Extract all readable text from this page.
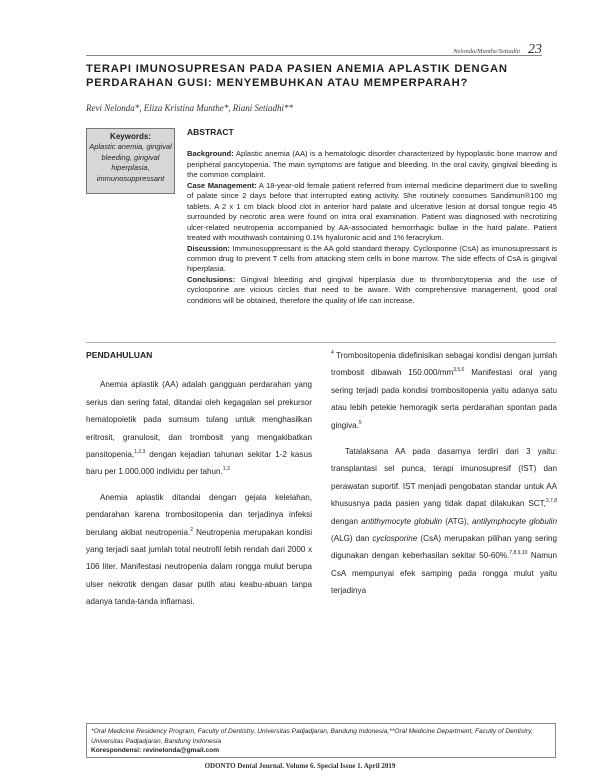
Nelonda/Munthe/Setiadhi 23
TERAPI IMUNOSUPRESAN PADA PASIEN ANEMIA APLASTIK DENGAN PERDARAHAN GUSI: MENYEMBUHKAN ATAU MEMPERPARAH?
Revi Nelonda*, Eliza Kristina Munthe*, Riani Setiadhi**
Keywords:
Aplastic anemia, gingival bleeding, gingival hiperplasia, immunosuppressant
ABSTRACT

Background: Aplastic anemia (AA) is a hematologic disorder characterized by hypoplastic bone marrow and peripheral pancytopenia. The main symptoms are fatigue and bleeding. In the oral cavity, gingival bleeding is the common complaint.

Case Management: A 18-year-old female patient referred from internal medicine department due to swelling of palate since 2 days before that interrupted eating activity. She routinely consumes Sandimun®100 mg tablets. A 2 x 1 cm black blood clot in anterior hard palate and ulcerative lesion at dorsal tongue regio 45 surrounded by necrotic area were found on intra oral examination. Patient was diagnosed with necrotizing ulcer-related neutropenia accompanied by AA-associated hemorrhagic bullae in the hard palate. Patient treated with mouthwash containing 0.1% hyaluronic acid and 1% feracrylum.

Discussion: Immunosuppressant is the AA gold standard therapy. Cyclosporine (CsA) as imunosupressant is common drug to prevent T cells from attacking stem cells in bone marrow. The side effects of CsA is gingival hiperplasia.

Conclusions: Gingival bleeding and gingival hiperplasia due to thrombocytopenia and the use of cyclosporine are vicious circles that need to be aware. With comprehensive management, good oral conditions will be obtained, therefore the quality of life can increase.

PENDAHULUAN

Anemia aplastik (AA) adalah gangguan perdarahan yang serius dan sering fatal, ditandai oleh kegagalan sel prekursor hematopoietik pada sumsum tulang untuk menghasilkan eritrosit, granulosit, dan trombosit yang mengakibatkan pansitopenia,$^{1,2,3}$ dengan kejadian tahunan sekitar 1-2 kasus baru per 1.000.000 individu per tahun.$^{1,3}$

Anemia aplastik ditandai dengan gejala kelelahan, pendarahan karena trombositopenia dan terjadinya infeksi berulang akibat neutropenia.$^2$ Neutropenia merupakan kondisi yang terjadi saat jumlah total neutrofil lebih rendah dari 2000 x 106 liter. Manifestasi neutropenia dalam rongga mulut berupa ulser nekrotik dengan dasar putih atau keabu-abuan tanpa adanya tanda-tanda inflamasi.

$^4$ Trombositopenia didefinisikan sebagai kondisi dengan jumlah trombosit dibawah 150.000/mm$^{3,5,6}$ Manifestasi oral yang sering terjadi pada kondisi trombositopenia yaitu adanya satu atau lebih petekie hemoragik serta perdarahan spontan pada gingiva.$^5$

Tatalaksana AA pada dasarnya terdiri dari 3 yaitu: transplantasi sel punca, terapi imunosupresif (IST) dan perawatan suportif. IST menjadi pengobatan standar untuk AA khususnya pada pasien yang tidak dapat dilakukan SCT,$^{3,7,8}$ dengan antithymocyte globulin (ATG), antilymphocyte globulin (ALG) dan cyclosporine (CsA) merupakan pilihan yang sering digunakan dengan keberhasilan sekitar 50-60%.$^{7,8,9,10}$ Namun CsA mempunyai efek samping pada rongga mulut yaitu terjadinya

*Oral Medicine Residency Program, Faculty of Dentistry, Universitas Padjadjaran, Bandung Indonesia,**Oral Medicine Department, Faculty of Dentistry, Universitas Padjadjaran, Bandung Indonesia
Korespondensi: revinelonda@gmail.com
ODONTO Dental Journal. Volume 6. Special Issue 1. April 2019
